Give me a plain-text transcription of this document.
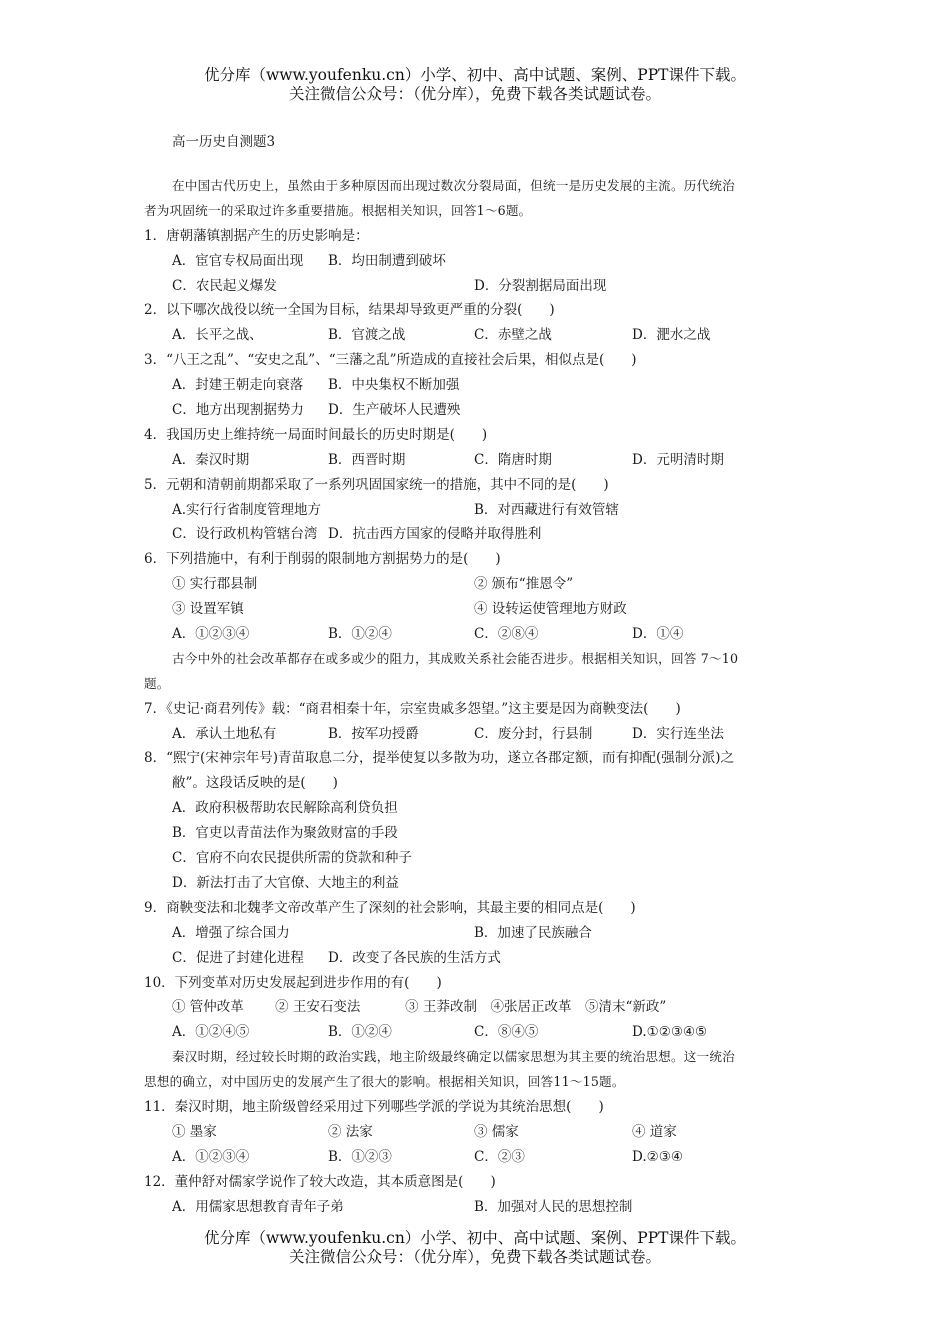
优分库（www.youfenku.cn）小学、初中、高中试题、案例、PPT课件下载。
关注微信公众号：（优分库），免费下载各类试题试卷。
高一历史自测题3
在中国古代历史上，虽然由于多种原因而出现过数次分裂局面，但统一是历史发展的主流。历代统治
者为巩固统一的采取过许多重要措施。根据相关知识，回答1～6题。
1．唐朝藩镇割据产生的历史影响是：
A．宦官专权局面出现 B．均田制遭到破坏
C．农民起义爆发	D．分裂割据局面出现
2．以下哪次战役以统一全国为目标，结果却导致更严重的分裂(　　)
A．长平之战、	B．官渡之战	C．赤壁之战	D．淝水之战
3．“八王之乱”、“安史之乱”、“三藩之乱”所造成的直接社会后果，相似点是(　　)
A．封建王朝走向衰落 B．中央集权不断加强
C．地方出现割据势力 D．生产破坏人民遭殃
4．我国历史上维持统一局面时间最长的历史时期是(　　)
A．秦汉时期	B．西晋时期	C．隋唐时期	D．元明清时期
5．元朝和清朝前期都采取了一系列巩固国家统一的措施，其中不同的是(　　)
A.实行行省制度管理地方	B．对西藏进行有效管辖
C．设行政机构管辖台湾 D．抗击西方国家的侵略并取得胜利
6．下列措施中，有利于削弱的限制地方割据势力的是(　　)
① 实行郡县制	② 颁布“推恩令”
③ 设置军镇	④ 设转运使管理地方财政
A．①②③④	B．①②④	C．②⑧④	D．①④
古今中外的社会改革都存在或多或少的阻力，其成败关系社会能否进步。根据相关知识，回答 7～10
题。
7．《史记·商君列传》载：“商君相秦十年，宗室贵戚多怨望。”这主要是因为商鞅变法(　　)
A．承认土地私有	B．按军功授爵	C．废分封，行县制	D．实行连坐法
8．“熙宁(宋神宗年号)青苗取息二分，提举使复以多散为功，遂立各郡定额，而有抑配(强制分派)之
敝”。这段话反映的是(　　)
A．政府积极帮助农民解除高利贷负担
B．官吏以青苗法作为聚敛财富的手段
C．官府不向农民提供所需的贷款和种子
D．新法打击了大官僚、大地主的利益
9．商鞅变法和北魏孝文帝改革产生了深刻的社会影响，其最主要的相同点是(　　)
A．增强了综合国力	B．加速了民族融合
C．促进了封建化进程 D．改变了各民族的生活方式
10．下列变革对历史发展起到进步作用的有(　　)
① 管仲改革　　 ② 王安石变法　　　 ③ 王莽改制　④张居正改革　⑤清末“新政”
A．①②④⑤	B．①②④	C．⑧④⑤	D.①②③④⑤
秦汉时期，经过较长时期的政治实践，地主阶级最终确定以儒家思想为其主要的统治思想。这一统治
思想的确立，对中国历史的发展产生了很大的影响。根据相关知识，回答11～15题。
11．秦汉时期，地主阶级曾经采用过下列哪些学派的学说为其统治思想(　　)
① 墨家	② 法家	③ 儒家	④ 道家
A．①②③④	B．①②③	C．②③	D.②③④
12．董仲舒对儒家学说作了较大改造，其本质意图是(　　)
A．用儒家思想教育青年子弟	B．加强对人民的思想控制
优分库（www.youfenku.cn）小学、初中、高中试题、案例、PPT课件下载。
关注微信公众号：（优分库），免费下载各类试题试卷。
